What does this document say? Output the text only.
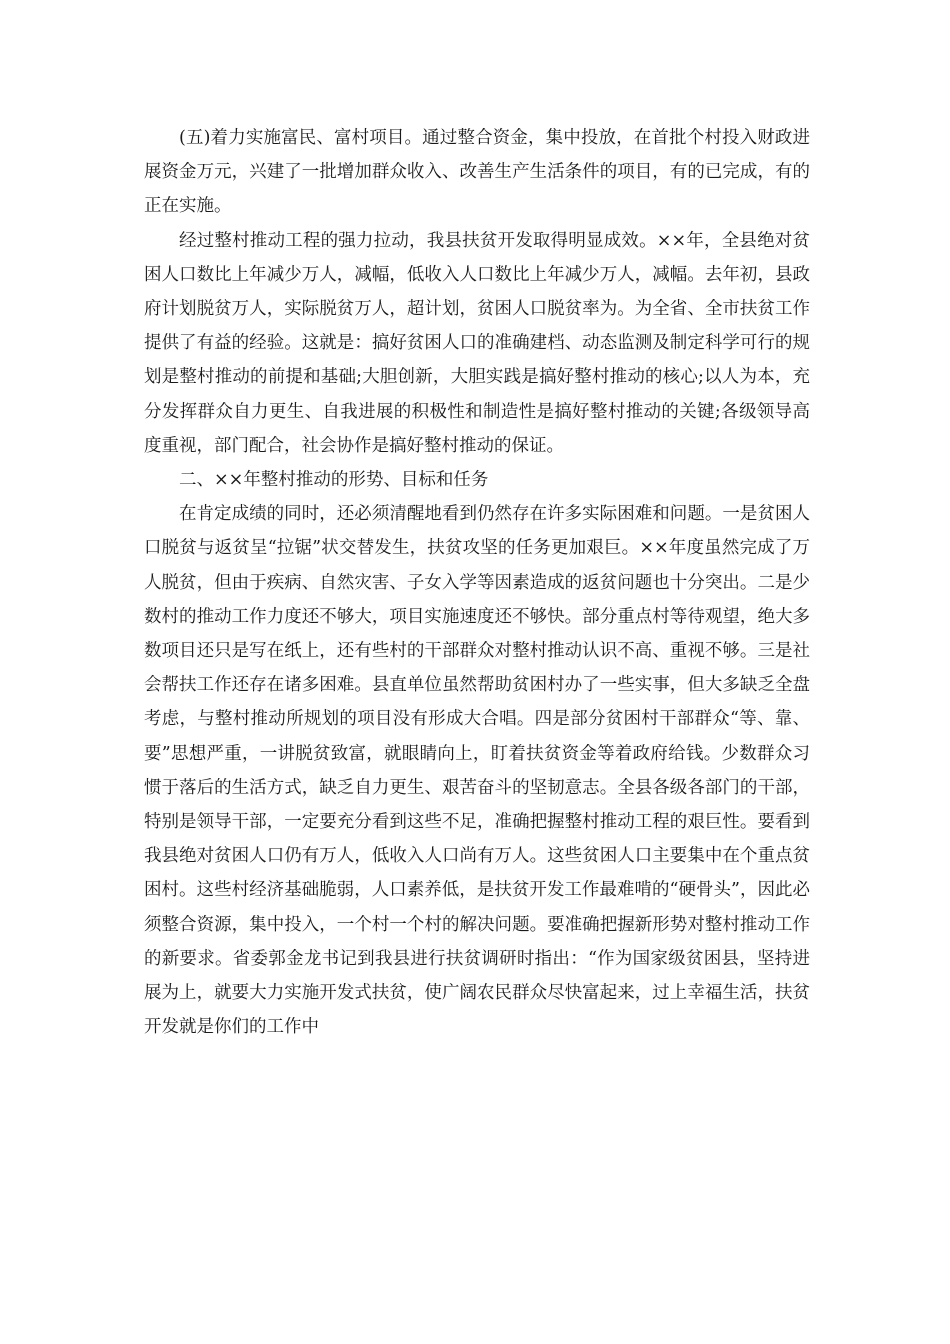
(五)着力实施富民、富村项目。通过整合资金，集中投放，在首批个村投入财政进展资金万元，兴建了一批增加群众收入、改善生产生活条件的项目，有的已完成，有的正在实施。

经过整村推动工程的强力拉动，我县扶贫开发取得明显成效。××年，全县绝对贫困人口数比上年减少万人，减幅，低收入人口数比上年减少万人，减幅。去年初，县政府计划脱贫万人，实际脱贫万人，超计划，贫困人口脱贫率为。为全省、全市扶贫工作提供了有益的经验。这就是：搞好贫困人口的准确建档、动态监测及制定科学可行的规划是整村推动的前提和基础;大胆创新，大胆实践是搞好整村推动的核心;以人为本，充分发挥群众自力更生、自我进展的积极性和制造性是搞好整村推动的关键;各级领导高度重视，部门配合，社会协作是搞好整村推动的保证。

二、××年整村推动的形势、目标和任务

在肯定成绩的同时，还必须清醒地看到仍然存在许多实际困难和问题。一是贫困人口脱贫与返贫呈“拉锯”状交替发生，扶贫攻坚的任务更加艰巨。××年度虽然完成了万人脱贫，但由于疾病、自然灾害、子女入学等因素造成的返贫问题也十分突出。二是少数村的推动工作力度还不够大，项目实施速度还不够快。部分重点村等待观望，绝大多数项目还只是写在纸上，还有些村的干部群众对整村推动认识不高、重视不够。三是社会帮扶工作还存在诸多困难。县直单位虽然帮助贫困村办了一些实事，但大多缺乏全盘考虑，与整村推动所规划的项目没有形成大合唱。四是部分贫困村干部群众“等、靠、要”思想严重，一讲脱贫致富，就眼睛向上，盯着扶贫资金等着政府给钱。少数群众习惯于落后的生活方式，缺乏自力更生、艰苦奋斗的坚韧意志。全县各级各部门的干部，特别是领导干部，一定要充分看到这些不足，准确把握整村推动工程的艰巨性。要看到我县绝对贫困人口仍有万人，低收入人口尚有万人。这些贫困人口主要集中在个重点贫困村。这些村经济基础脆弱，人口素养低，是扶贫开发工作最难啃的“硬骨头”，因此必须整合资源，集中投入，一个村一个村的解决问题。要准确把握新形势对整村推动工作的新要求。省委郭金龙书记到我县进行扶贫调研时指出：“作为国家级贫困县，坚持进展为上，就要大力实施开发式扶贫，使广阔农民群众尽快富起来，过上幸福生活，扶贫开发就是你们的工作中
